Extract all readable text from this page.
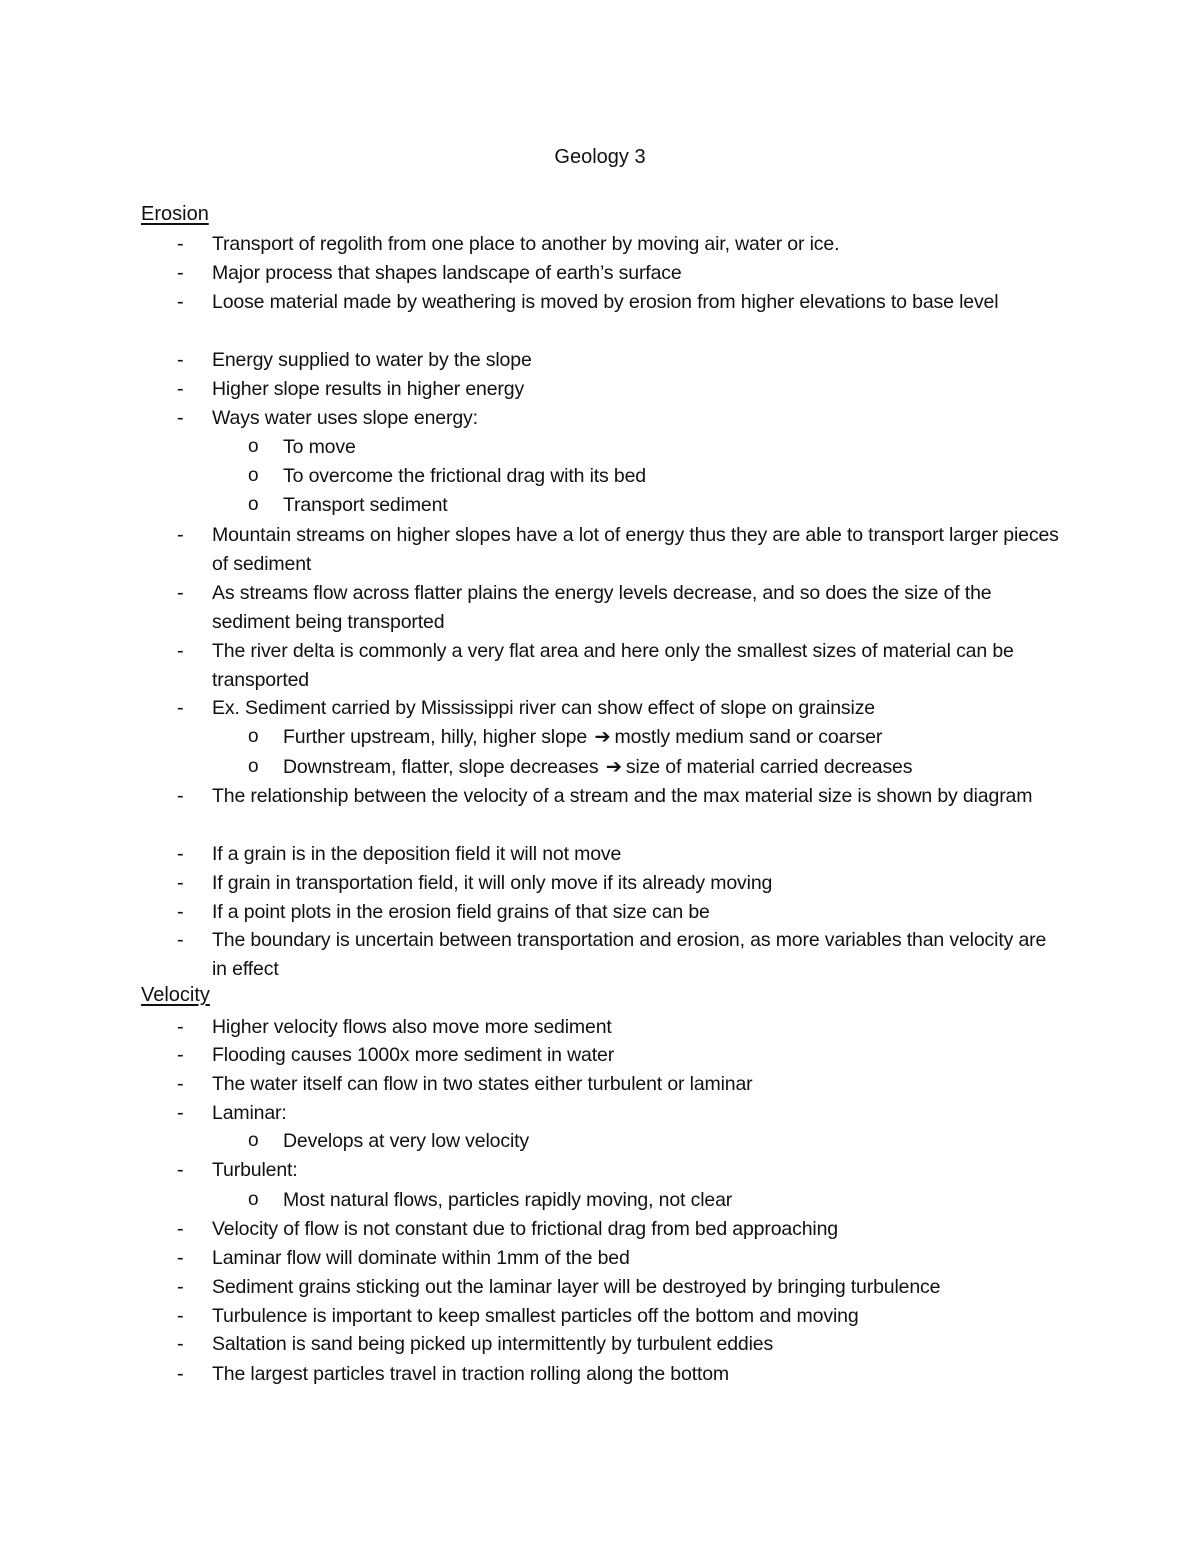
Geology 3
Erosion
- Transport of regolith from one place to another by moving air, water or ice.
- Major process that shapes landscape of earth’s surface
- Loose material made by weathering is moved by erosion from higher elevations to base level
- Energy supplied to water by the slope
- Higher slope results in higher energy
- Ways water uses slope energy:
o To move
o To overcome the frictional drag with its bed
o Transport sediment
- Mountain streams on higher slopes have a lot of energy thus they are able to transport larger pieces of sediment
- As streams flow across flatter plains the energy levels decrease, and so does the size of the sediment being transported
- The river delta is commonly a very flat area and here only the smallest sizes of material can be transported
- Ex. Sediment carried by Mississippi river can show effect of slope on grainsize
o Further upstream, hilly, higher slope ➔ mostly medium sand or coarser
o Downstream, flatter, slope decreases ➔ size of material carried decreases
- The relationship between the velocity of a stream and the max material size is shown by diagram
- If a grain is in the deposition field it will not move
- If grain in transportation field, it will only move if its already moving
- If a point plots in the erosion field grains of that size can be
- The boundary is uncertain between transportation and erosion, as more variables than velocity are in effect
Velocity
- Higher velocity flows also move more sediment
- Flooding causes 1000x more sediment in water
- The water itself can flow in two states either turbulent or laminar
- Laminar:
o Develops at very low velocity
- Turbulent:
o Most natural flows, particles rapidly moving, not clear
- Velocity of flow is not constant due to frictional drag from bed approaching
- Laminar flow will dominate within 1mm of the bed
- Sediment grains sticking out the laminar layer will be destroyed by bringing turbulence
- Turbulence is important to keep smallest particles off the bottom and moving
- Saltation is sand being picked up intermittently by turbulent eddies
- The largest particles travel in traction rolling along the bottom
